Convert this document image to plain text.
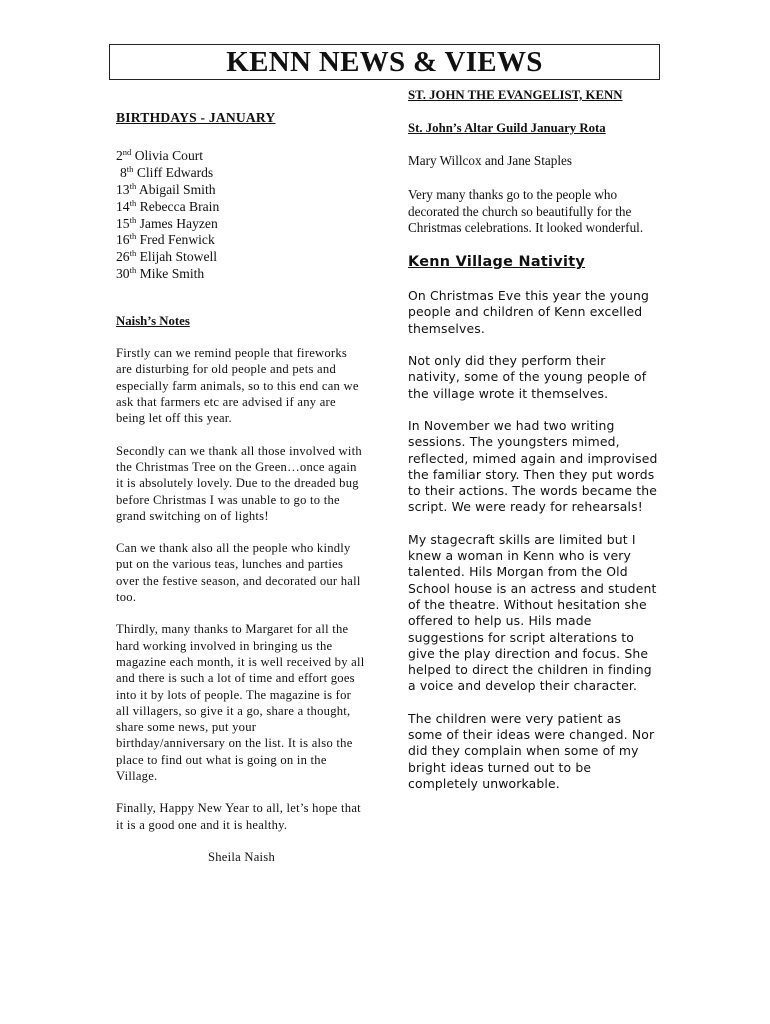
KENN NEWS & VIEWS
BIRTHDAYS - JANUARY
2nd Olivia Court
8th Cliff Edwards
13th Abigail Smith
14th Rebecca Brain
15th James Hayzen
16th Fred Fenwick
26th Elijah Stowell
30th Mike Smith
Naish’s Notes

Firstly can we remind people that fireworks are disturbing for old people and pets and especially farm animals, so to this end can we ask that farmers etc are advised if any are being let off this year.

Secondly can we thank all those involved with the Christmas Tree on the Green…once again it is absolutely lovely. Due to the dreaded bug before Christmas I was unable to go to the grand switching on of lights!

Can we thank also all the people who kindly put on the various teas, lunches and parties over the festive season, and decorated our hall too.

Thirdly, many thanks to Margaret for all the hard working involved in bringing us the magazine each month, it is well received by all and there is such a lot of time and effort goes into it by lots of people. The magazine is for all villagers, so give it a go, share a thought, share some news, put your birthday/anniversary on the list. It is also the place to find out what is going on in the Village.

Finally, Happy New Year to all, let’s hope that it is a good one and it is healthy.

Sheila Naish

ST. JOHN THE EVANGELIST, KENN
St. John’s Altar Guild January Rota

Mary Willcox and Jane Staples

Very many thanks go to the people who decorated the church so beautifully for the Christmas celebrations. It looked wonderful.

Kenn Village Nativity

On Christmas Eve this year the young people and children of Kenn excelled themselves.

Not only did they perform their nativity, some of the young people of the village wrote it themselves.

In November we had two writing sessions. The youngsters mimed, reflected, mimed again and improvised the familiar story. Then they put words to their actions. The words became the script. We were ready for rehearsals!

My stagecraft skills are limited but I knew a woman in Kenn who is very talented. Hils Morgan from the Old School house is an actress and student of the theatre. Without hesitation she offered to help us. Hils made suggestions for script alterations to give the play direction and focus. She helped to direct the children in finding a voice and develop their character.

The children were very patient as some of their ideas were changed. Nor did they complain when some of my bright ideas turned out to be completely unworkable.
